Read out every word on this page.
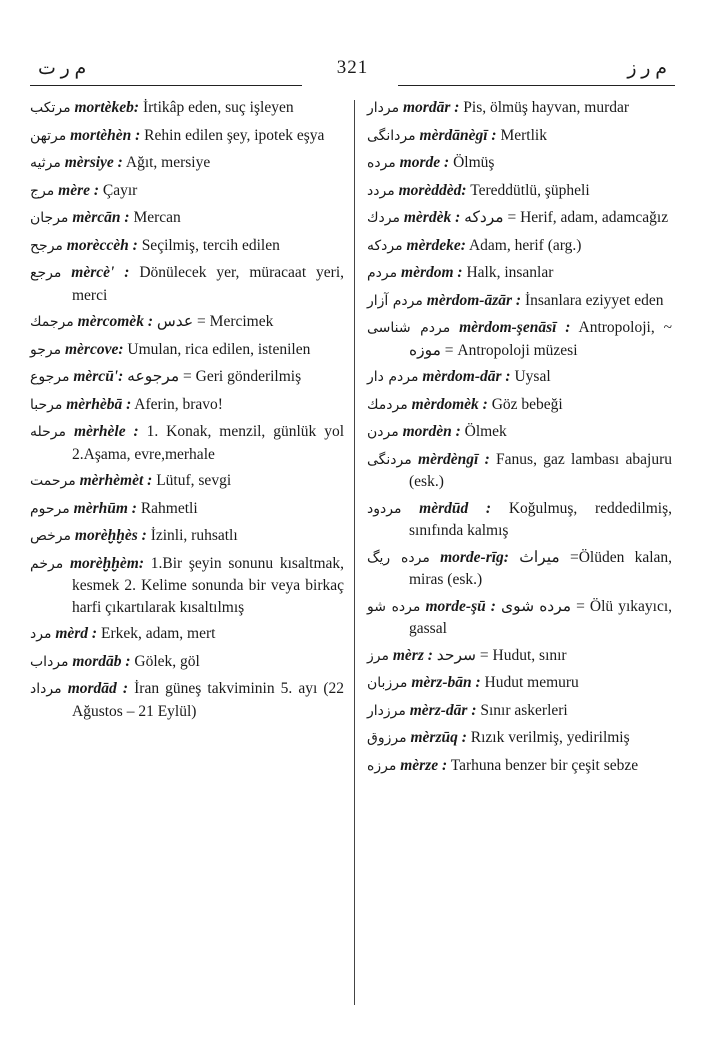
م ر ت	321	م ر ز
مرتكب mortèkeb: İrtikâp eden, suç işleyen
مرتهن mortèhèn : Rehin edilen şey, ipotek eşya
مرثيه mèrsiye : Ağıt, mersiye
مرج mère : Çayır
مرجان mèrcān : Mercan
مرجح morèccèh : Seçilmiş, tercih edilen
مرجع mèrcè' : Dönülecek yer, müracaat yeri, merci
مرجمك mèrcomèk : عدس = Mercimek
مرجو mèrcove: Umulan, rica edilen, istenilen
مرجوع mèrcū': مرجوعه = Geri gönderilmiş
مرحبا mèrhèbā : Aferin, bravo!
مرحله mèrhèle : 1. Konak, menzil, günlük yol 2.Aşama, evre,merhale
مرحمت mèrhèmèt : Lütuf, sevgi
مرحوم mèrhūm : Rahmetli
مرخص morèḫḫès : İzinli, ruhsatlı
مرخم morèḫḫèm: 1.Bir şeyin sonunu kısaltmak, kesmek 2. Kelime sonunda bir veya birkaç harfi çıkartılarak kısaltılmış
مرد mèrd : Erkek, adam, mert
مرداب mordāb : Gölek, göl
مرداد mordād : İran güneş takviminin 5. ayı (22 Ağustos – 21 Eylül)
مردار mordār : Pis, ölmüş hayvan, murdar
مردانگى mèrdānègī : Mertlik
مرده morde : Ölmüş
مردد morèddèd: Tereddütlü, şüpheli
مردك mèrdèk : مردكه = Herif, adam, adamcağız
مردكه mèrdeke: Adam, herif (arg.)
مردم mèrdom : Halk, insanlar
مردم آزار mèrdom-āzār : İnsanlara eziyyet eden
مردم شناسى mèrdom-şenāsī : Antropoloji, ~ موزه = Antropoloji müzesi
مردم دار mèrdom-dār : Uysal
مردمك mèrdomèk : Göz bebeği
مردن mordèn : Ölmek
مردنگى mèrdèngī : Fanus, gaz lambası abajuru (esk.)
مردود mèrdūd : Koğulmuş, reddedilmiş, sınıfında kalmış
مرده ريگ morde-rīg: ميراث =Ölüden kalan, miras (esk.)
مرده شو morde-şū : مرده شوى = Ölü yıkayıcı, gassal
مرز mèrz : سرحد = Hudut, sınır
مرزبان mèrz-bān : Hudut memuru
مرزدار mèrz-dār : Sınır askerleri
مرزوق mèrzūq : Rızık verilmiş, yedirilmiş
مرزه mèrze : Tarhuna benzer bir çeşit sebze
